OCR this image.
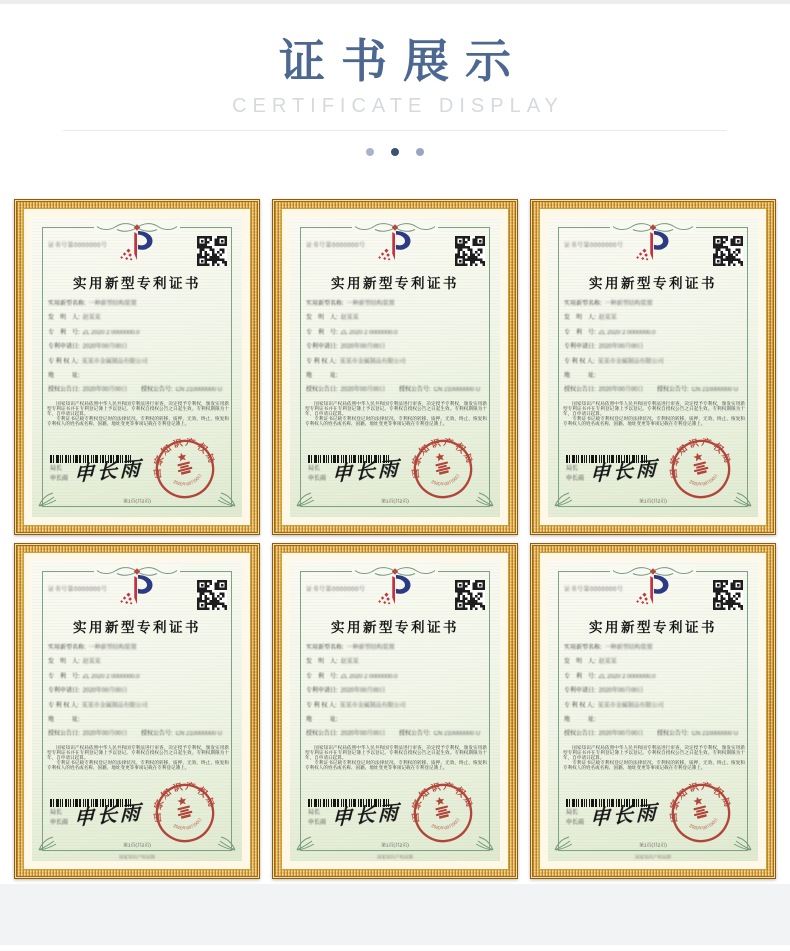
证书展示
CERTIFICATE DISPLAY
证书号第0000000号
实用新型专利证书
实用新型名称: 一种新型结构装置
发　明　人: 赵某某
专　利　号: ZL 2020 2 0000000.0
专利申请日: 2020年00月00日
专 利 权 人: 某某市金属制品有限公司
地　　　址:
授权公告日: 2020年00月00日 授权公告号: CN 210000000 U

国家知识产权局依照中华人民共和国专利法进行审查，决定授予专利权，颁发实用新型专利证书并在专利登记簿上予以登记。专利权自授权公告之日起生效。专利权期限为十年，自申请日起算。

专利证书记载专利权登记时的法律状况。专利权的转移、质押、无效、终止、恢复和专利权人的姓名或名称、国籍、地址变更等事项记载在专利登记簿上。

局长
申长雨 申长雨 国家知识产权局
2020年00月00日
第1页(共2页)
证书号第0000000号
实用新型专利证书
实用新型名称: 一种新型结构装置
发　明　人: 赵某某
专　利　号: ZL 2020 2 0000000.0
专利申请日: 2020年00月00日
专 利 权 人: 某某市金属制品有限公司
地　　　址:
授权公告日: 2020年00月00日 授权公告号: CN 210000000 U

国家知识产权局依照中华人民共和国专利法进行审查，决定授予专利权，颁发实用新型专利证书并在专利登记簿上予以登记。专利权自授权公告之日起生效。专利权期限为十年，自申请日起算。

专利证书记载专利权登记时的法律状况。专利权的转移、质押、无效、终止、恢复和专利权人的姓名或名称、国籍、地址变更等事项记载在专利登记簿上。

局长
申长雨 申长雨 国家知识产权局
2020年00月00日
第1页(共2页)
证书号第0000000号
实用新型专利证书
实用新型名称: 一种新型结构装置
发　明　人: 赵某某
专　利　号: ZL 2020 2 0000000.0
专利申请日: 2020年00月00日
专 利 权 人: 某某市金属制品有限公司
地　　　址:
授权公告日: 2020年00月00日 授权公告号: CN 210000000 U

国家知识产权局依照中华人民共和国专利法进行审查，决定授予专利权，颁发实用新型专利证书并在专利登记簿上予以登记。专利权自授权公告之日起生效。专利权期限为十年，自申请日起算。

专利证书记载专利权登记时的法律状况。专利权的转移、质押、无效、终止、恢复和专利权人的姓名或名称、国籍、地址变更等事项记载在专利登记簿上。

局长
申长雨 申长雨 国家知识产权局
2020年00月00日
第1页(共2页)
证书号第0000000号
实用新型专利证书
实用新型名称: 一种新型结构装置
发　明　人: 赵某某
专　利　号: ZL 2020 2 0000000.0
专利申请日: 2020年00月00日
专 利 权 人: 某某市金属制品有限公司
地　　　址:
授权公告日: 2020年00月00日 授权公告号: CN 210000000 U

国家知识产权局依照中华人民共和国专利法进行审查，决定授予专利权，颁发实用新型专利证书并在专利登记簿上予以登记。专利权自授权公告之日起生效。专利权期限为十年，自申请日起算。

专利证书记载专利权登记时的法律状况。专利权的转移、质押、无效、终止、恢复和专利权人的姓名或名称、国籍、地址变更等事项记载在专利登记簿上。

局长
申长雨 申长雨 国家知识产权局
2020年00月00日
第1页(共2页)
国家知识产权局制
证书号第0000000号
实用新型专利证书
实用新型名称: 一种新型结构装置
发　明　人: 赵某某
专　利　号: ZL 2020 2 0000000.0
专利申请日: 2020年00月00日
专 利 权 人: 某某市金属制品有限公司
地　　　址:
授权公告日: 2020年00月00日 授权公告号: CN 210000000 U

国家知识产权局依照中华人民共和国专利法进行审查，决定授予专利权，颁发实用新型专利证书并在专利登记簿上予以登记。专利权自授权公告之日起生效。专利权期限为十年，自申请日起算。

专利证书记载专利权登记时的法律状况。专利权的转移、质押、无效、终止、恢复和专利权人的姓名或名称、国籍、地址变更等事项记载在专利登记簿上。

局长
申长雨 申长雨 国家知识产权局
2020年00月00日
第1页(共2页)
国家知识产权局制
证书号第0000000号
实用新型专利证书
实用新型名称: 一种新型结构装置
发　明　人: 赵某某
专　利　号: ZL 2020 2 0000000.0
专利申请日: 2020年00月00日
专 利 权 人: 某某市金属制品有限公司
地　　　址:
授权公告日: 2020年00月00日 授权公告号: CN 210000000 U

国家知识产权局依照中华人民共和国专利法进行审查，决定授予专利权，颁发实用新型专利证书并在专利登记簿上予以登记。专利权自授权公告之日起生效。专利权期限为十年，自申请日起算。

专利证书记载专利权登记时的法律状况。专利权的转移、质押、无效、终止、恢复和专利权人的姓名或名称、国籍、地址变更等事项记载在专利登记簿上。

局长
申长雨 申长雨 国家知识产权局
2020年00月00日
第1页(共2页)
国家知识产权局制
